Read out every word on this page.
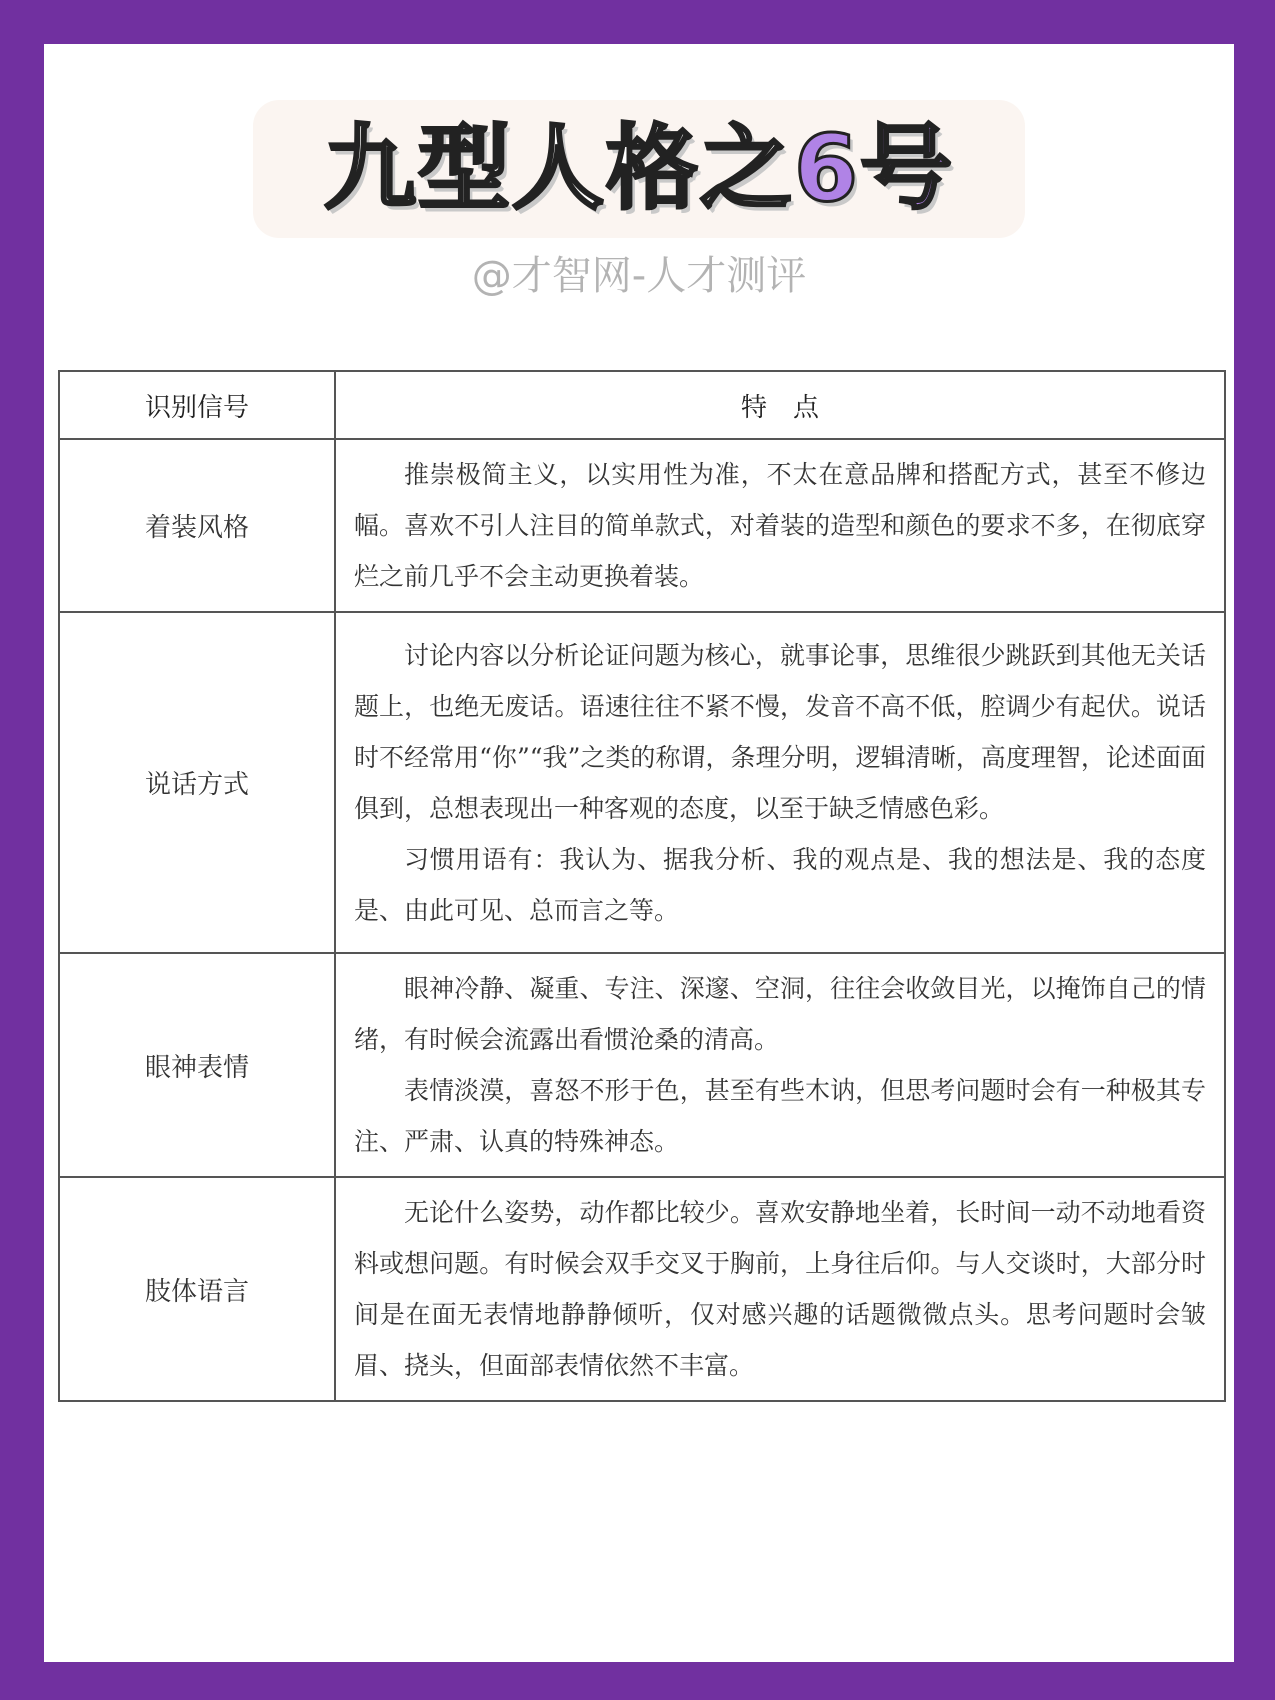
九型人格之6号
@才智网-人才测评
识别信号	特　点
着装风格	推崇极简主义，以实用性为准，不太在意品牌和搭配方式，甚至不修边幅。喜欢不引人注目的简单款式，对着装的造型和颜色的要求不多，在彻底穿烂之前几乎不会主动更换着装。

说话方式	讨论内容以分析论证问题为核心，就事论事，思维很少跳跃到其他无关话题上，也绝无废话。语速往往不紧不慢，发音不高不低，腔调少有起伏。说话时不经常用“你”“我”之类的称谓，条理分明，逻辑清晰，高度理智，论述面面俱到，总想表现出一种客观的态度，以至于缺乏情感色彩。

习惯用语有：我认为、据我分析、我的观点是、我的想法是、我的态度是、由此可见、总而言之等。

眼神表情	眼神冷静、凝重、专注、深邃、空洞，往往会收敛目光，以掩饰自己的情绪，有时候会流露出看惯沧桑的清高。

表情淡漠，喜怒不形于色，甚至有些木讷，但思考问题时会有一种极其专注、严肃、认真的特殊神态。

肢体语言	无论什么姿势，动作都比较少。喜欢安静地坐着，长时间一动不动地看资料或想问题。有时候会双手交叉于胸前，上身往后仰。与人交谈时，大部分时间是在面无表情地静静倾听，仅对感兴趣的话题微微点头。思考问题时会皱眉、挠头，但面部表情依然不丰富。
